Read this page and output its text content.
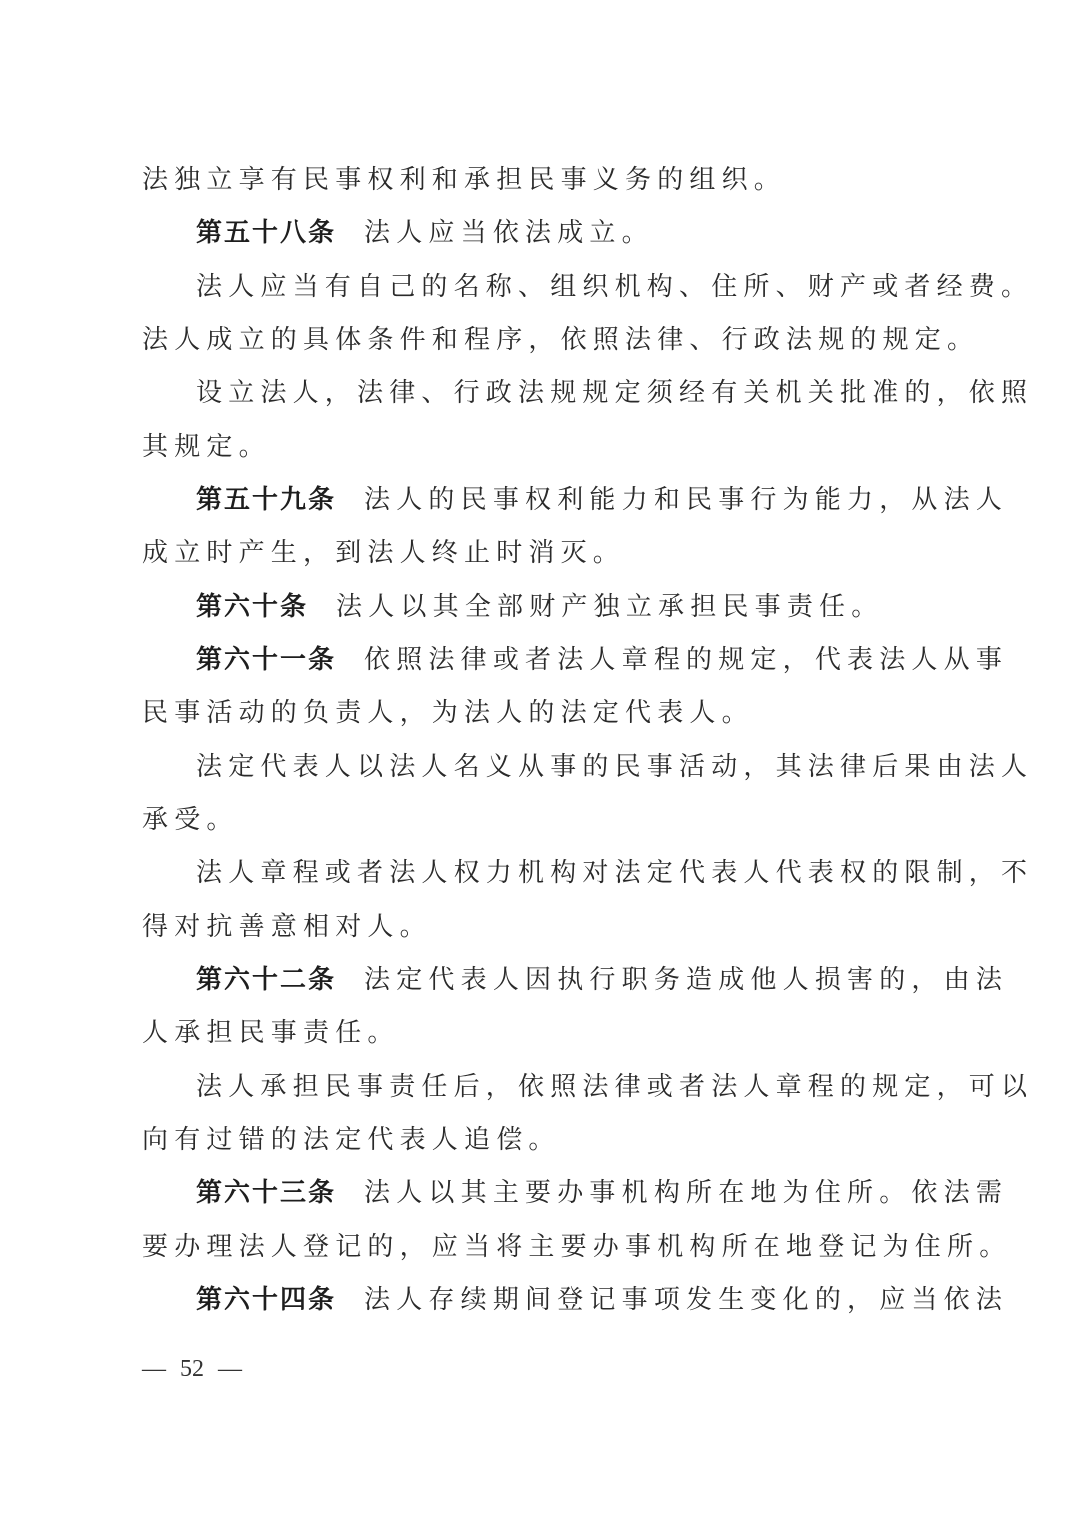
法独立享有民事权利和承担民事义务的组织。
第五十八条 法人应当依法成立。
法人应当有自己的名称、组织机构、住所、财产或者经费。
法人成立的具体条件和程序，依照法律、行政法规的规定。
设立法人，法律、行政法规规定须经有关机关批准的，依照
其规定。
第五十九条 法人的民事权利能力和民事行为能力，从法人
成立时产生，到法人终止时消灭。
第六十条 法人以其全部财产独立承担民事责任。
第六十一条 依照法律或者法人章程的规定，代表法人从事
民事活动的负责人，为法人的法定代表人。
法定代表人以法人名义从事的民事活动，其法律后果由法人
承受。
法人章程或者法人权力机构对法定代表人代表权的限制，不
得对抗善意相对人。
第六十二条 法定代表人因执行职务造成他人损害的，由法
人承担民事责任。
法人承担民事责任后，依照法律或者法人章程的规定，可以
向有过错的法定代表人追偿。
第六十三条 法人以其主要办事机构所在地为住所。依法需
要办理法人登记的，应当将主要办事机构所在地登记为住所。
第六十四条 法人存续期间登记事项发生变化的，应当依法
— 52 —
